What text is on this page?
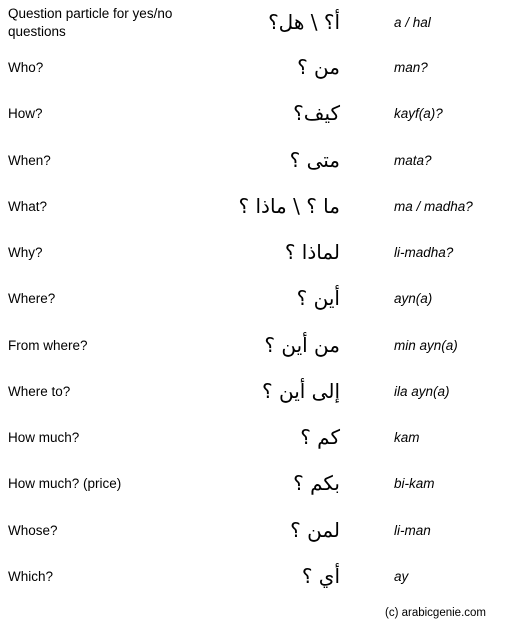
Question particle for yes/no questions	أ؟ \ هل؟	a / hal
Who?	من ؟	man?
How?	كيف؟	kayf(a)?
When?	متى ؟	mata?
What?	ما ؟ \ ماذا ؟	ma / madha?
Why?	لماذا ؟	li-madha?
Where?	أين ؟	ayn(a)
From where?	من أين ؟	min ayn(a)
Where to?	إلى أين ؟	ila ayn(a)
How much?	كم ؟	kam
How much? (price)	بكم ؟	bi-kam
Whose?	لمن ؟	li-man
Which?	أي ؟	ay
(c) arabicgenie.com
